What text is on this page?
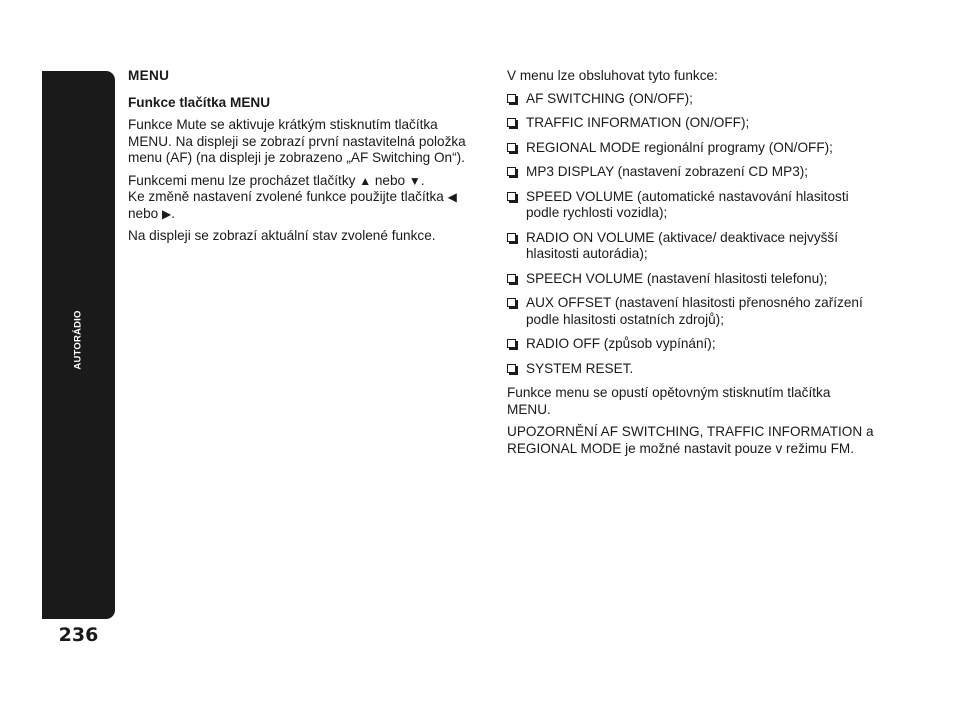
AUTORÁDIO
236

MENU

Funkce tlačítka MENU

Funkce Mute se aktivuje krátkým stisknutím tlačítka MENU. Na displeji se zobrazí první nastavitelná položka menu (AF) (na displeji je zobrazeno „AF Switching On“).

Funkcemi menu lze procházet tlačítky ▲ nebo ▼.
Ke změně nastavení zvolené funkce použijte tlačítka ◀
nebo ▶.

Na displeji se zobrazí aktuální stav zvolené funkce.

V menu lze obsluhovat tyto funkce:

AF SWITCHING (ON/OFF);
TRAFFIC INFORMATION (ON/OFF);
REGIONAL MODE regionální programy (ON/OFF);
MP3 DISPLAY (nastavení zobrazení CD MP3);
SPEED VOLUME (automatické nastavování hlasitosti podle rychlosti vozidla);
RADIO ON VOLUME (aktivace/ deaktivace nejvyšší hlasitosti autorádia);
SPEECH VOLUME (nastavení hlasitosti telefonu);
AUX OFFSET (nastavení hlasitosti přenosného zařízení podle hlasitosti ostatních zdrojů);
RADIO OFF (způsob vypínání);
SYSTEM RESET.

Funkce menu se opustí opětovným stisknutím tlačítka MENU.

UPOZORNĚNÍ AF SWITCHING, TRAFFIC INFORMATION a REGIONAL MODE je možné nastavit pouze v režimu FM.
